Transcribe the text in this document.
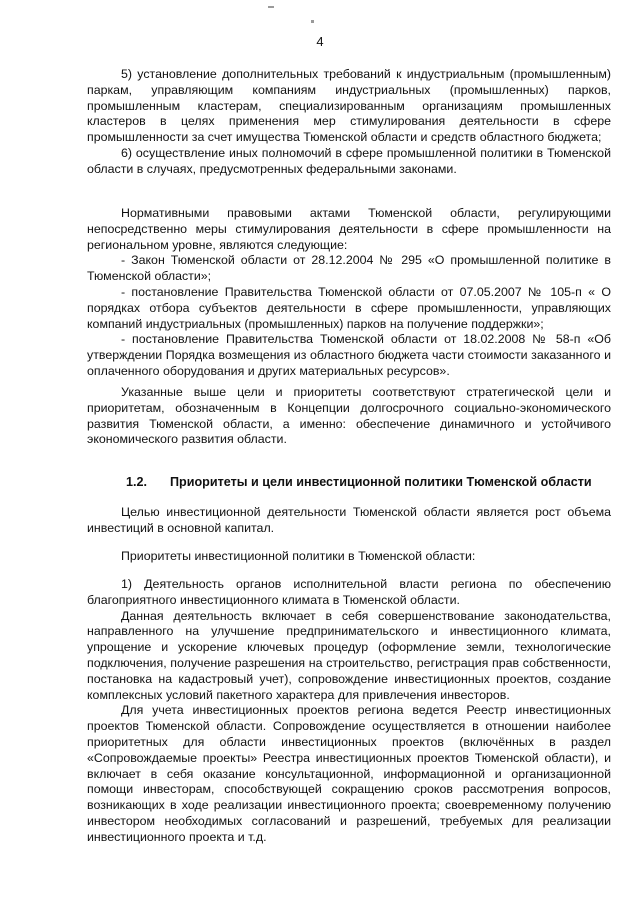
4

5) установление дополнительных требований к индустриальным (промышленным) паркам, управляющим компаниям индустриальных (промышленных) парков, промышленным кластерам, специализированным организациям промышленных кластеров в целях применения мер стимулирования деятельности в сфере промышленности за счет имущества Тюменской области и средств областного бюджета;

6) осуществление иных полномочий в сфере промышленной политики в Тюменской области в случаях, предусмотренных федеральными законами.

Нормативными правовыми актами Тюменской области, регулирующими непосредственно меры стимулирования деятельности в сфере промышленности на региональном уровне, являются следующие:

- Закон Тюменской области от 28.12.2004 № 295 «О промышленной политике в Тюменской области»;

- постановление Правительства Тюменской области от 07.05.2007 № 105-п « О порядках отбора субъектов деятельности в сфере промышленности, управляющих компаний индустриальных (промышленных) парков на получение поддержки»;

- постановление Правительства Тюменской области от 18.02.2008 № 58-п «Об утверждении Порядка возмещения из областного бюджета части стоимости заказанного и оплаченного оборудования и других материальных ресурсов».

Указанные выше цели и приоритеты соответствуют стратегической цели и приоритетам, обозначенным в Концепции долгосрочного социально-экономического развития Тюменской области, а именно: обеспечение динамичного и устойчивого экономического развития области.

1.2. Приоритеты и цели инвестиционной политики Тюменской области

Целью инвестиционной деятельности Тюменской области является рост объема инвестиций в основной капитал.

Приоритеты инвестиционной политики в Тюменской области:

1) Деятельность органов исполнительной власти региона по обеспечению благоприятного инвестиционного климата в Тюменской области.

Данная деятельность включает в себя совершенствование законодательства, направленного на улучшение предпринимательского и инвестиционного климата, упрощение и ускорение ключевых процедур (оформление земли, технологические подключения, получение разрешения на строительство, регистрация прав собственности, постановка на кадастровый учет), сопровождение инвестиционных проектов, создание комплексных условий пакетного характера для привлечения инвесторов.

Для учета инвестиционных проектов региона ведется Реестр инвестиционных проектов Тюменской области. Сопровождение осуществляется в отношении наиболее приоритетных для области инвестиционных проектов (включённых в раздел «Сопровождаемые проекты» Реестра инвестиционных проектов Тюменской области), и включает в себя оказание консультационной, информационной и организационной помощи инвесторам, способствующей сокращению сроков рассмотрения вопросов, возникающих в ходе реализации инвестиционного проекта; своевременному получению инвестором необходимых согласований и разрешений, требуемых для реализации инвестиционного проекта и т.д.
